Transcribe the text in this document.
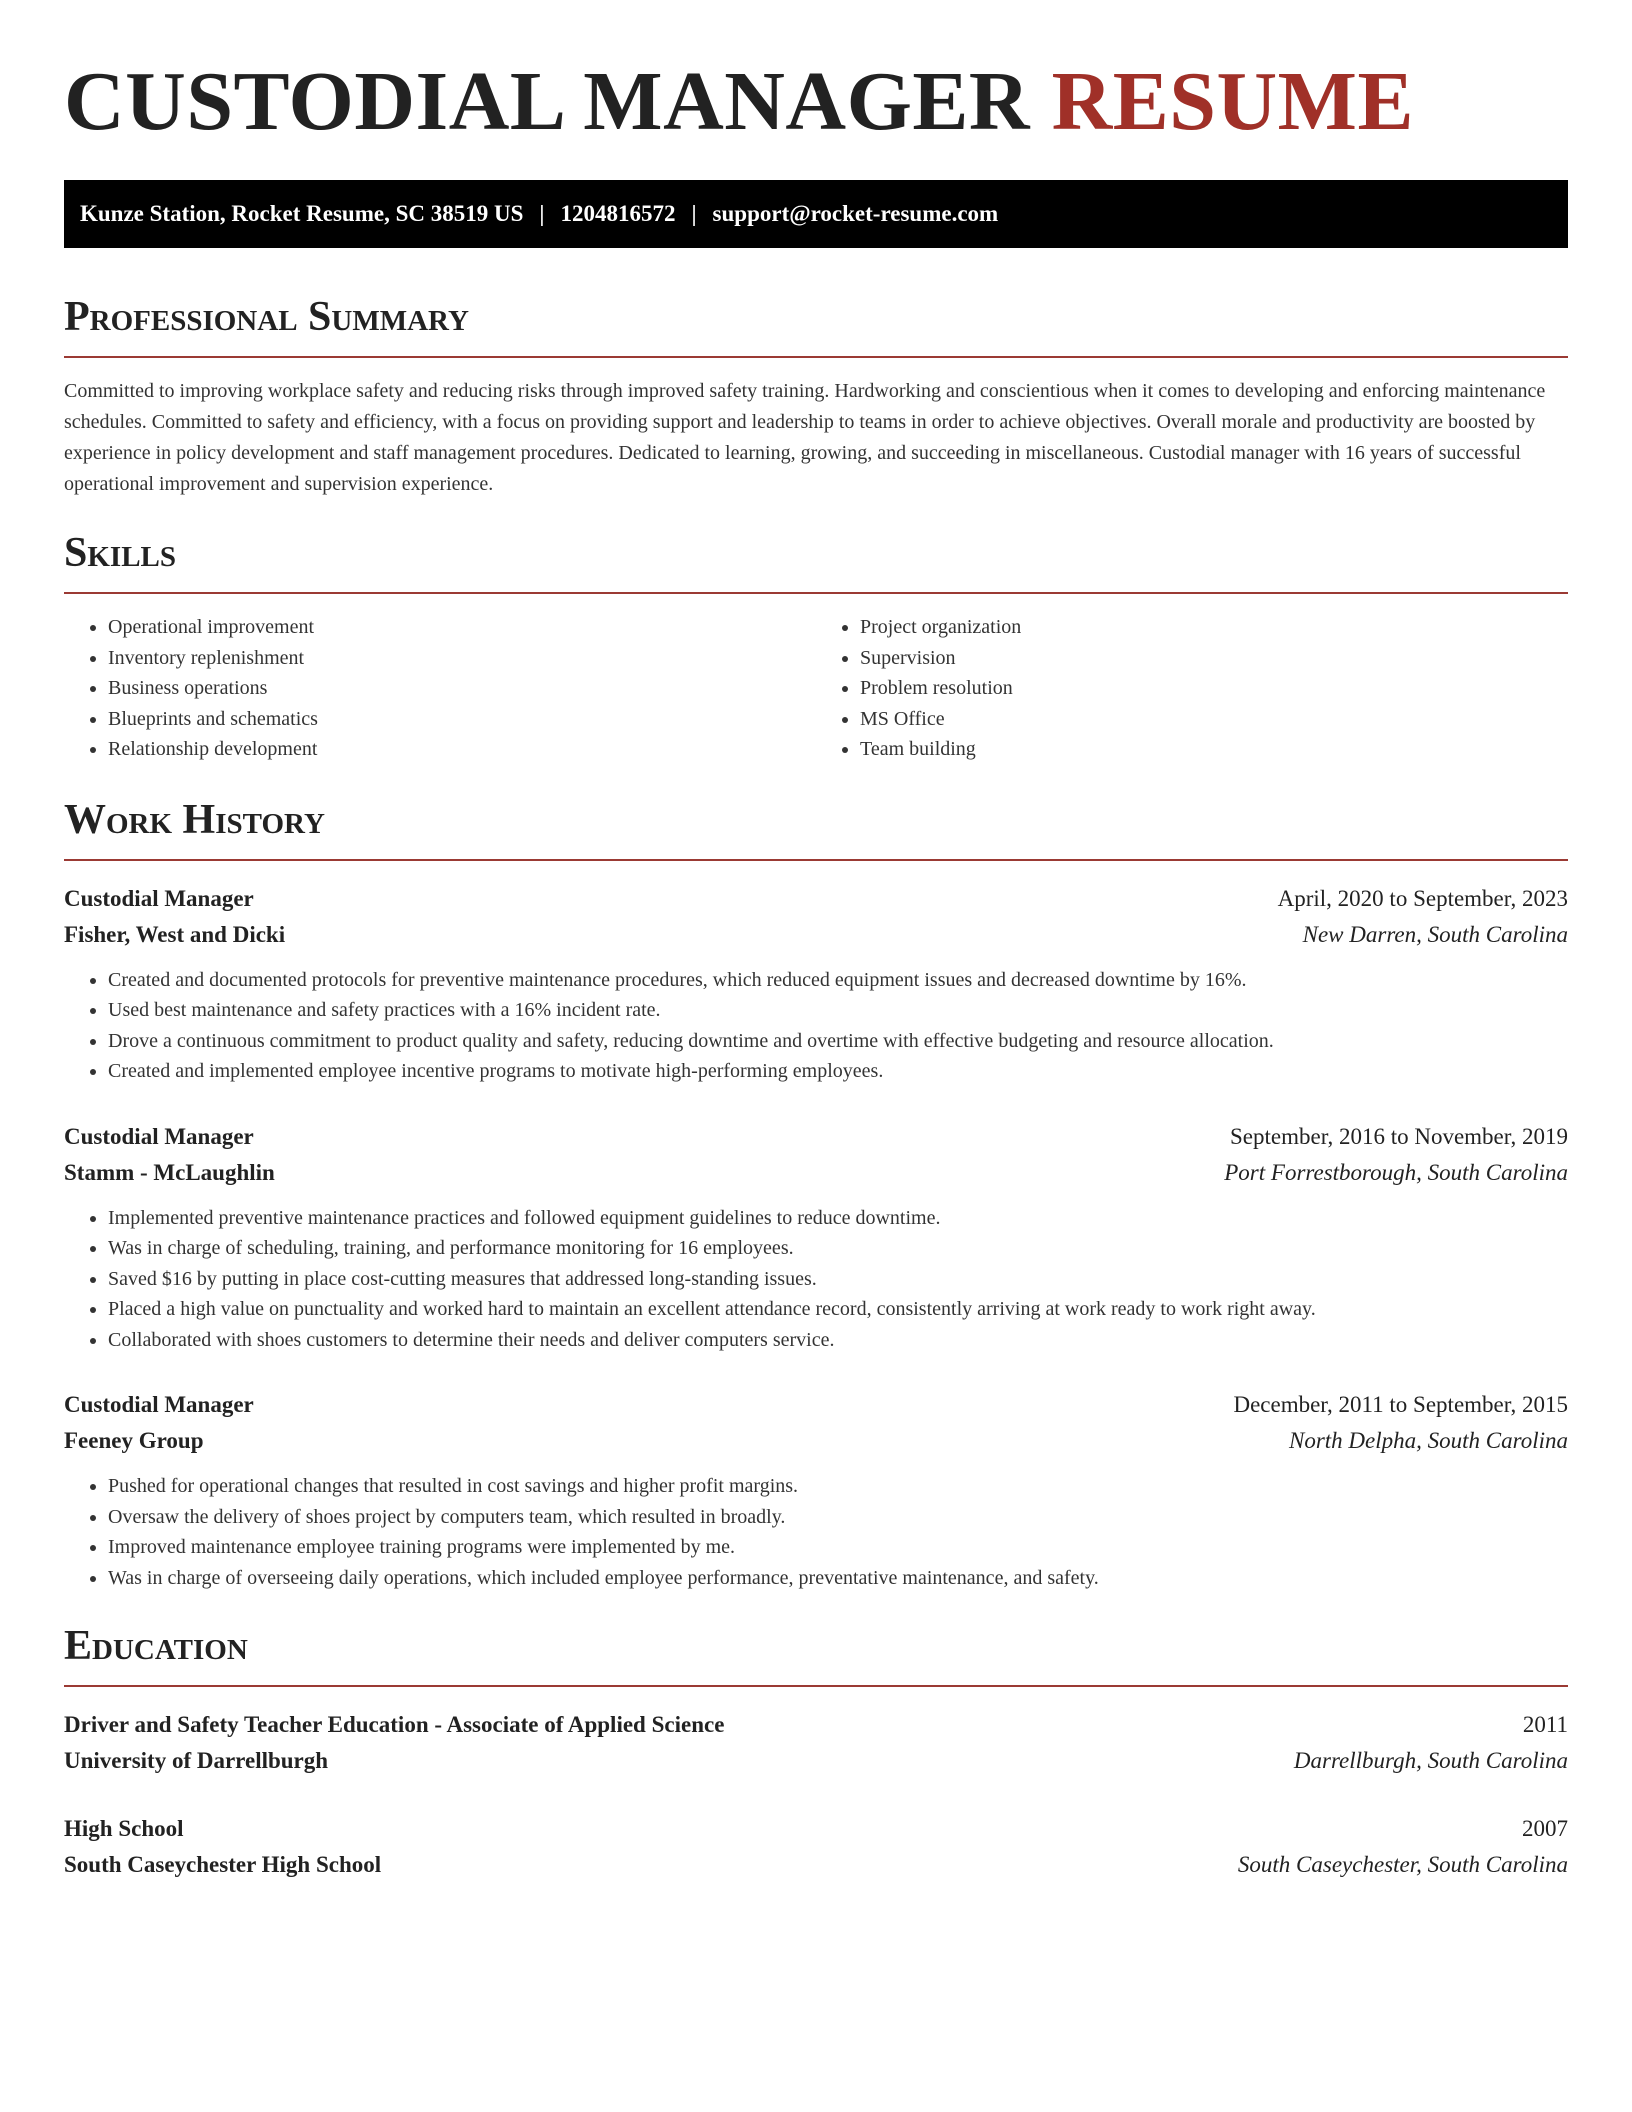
CUSTODIAL MANAGER RESUME
Kunze Station, Rocket Resume, SC 38519 US | 1204816572 | support@rocket-resume.com
Professional Summary

Committed to improving workplace safety and reducing risks through improved safety training. Hardworking and conscientious when it comes to developing and enforcing maintenance schedules. Committed to safety and efficiency, with a focus on providing support and leadership to teams in order to achieve objectives. Overall morale and productivity are boosted by experience in policy development and staff management procedures. Dedicated to learning, growing, and succeeding in miscellaneous. Custodial manager with 16 years of successful operational improvement and supervision experience.

Skills
• Operational improvement
• Inventory replenishment
• Business operations
• Blueprints and schematics
• Relationship development
• Project organization
• Supervision
• Problem resolution
• MS Office
• Team building
Work History
Custodial Manager	April, 2020 to September, 2023
Fisher, West and Dicki	New Darren, South Carolina
• Created and documented protocols for preventive maintenance procedures, which reduced equipment issues and decreased downtime by 16%.
• Used best maintenance and safety practices with a 16% incident rate.
• Drove a continuous commitment to product quality and safety, reducing downtime and overtime with effective budgeting and resource allocation.
• Created and implemented employee incentive programs to motivate high-performing employees.
Custodial Manager	September, 2016 to November, 2019
Stamm - McLaughlin	Port Forrestborough, South Carolina
• Implemented preventive maintenance practices and followed equipment guidelines to reduce downtime.
• Was in charge of scheduling, training, and performance monitoring for 16 employees.
• Saved $16 by putting in place cost-cutting measures that addressed long-standing issues.
• Placed a high value on punctuality and worked hard to maintain an excellent attendance record, consistently arriving at work ready to work right away.
• Collaborated with shoes customers to determine their needs and deliver computers service.
Custodial Manager	December, 2011 to September, 2015
Feeney Group	North Delpha, South Carolina
• Pushed for operational changes that resulted in cost savings and higher profit margins.
• Oversaw the delivery of shoes project by computers team, which resulted in broadly.
• Improved maintenance employee training programs were implemented by me.
• Was in charge of overseeing daily operations, which included employee performance, preventative maintenance, and safety.
Education
Driver and Safety Teacher Education - Associate of Applied Science	2011
University of Darrellburgh	Darrellburgh, South Carolina
High School	2007
South Caseychester High School	South Caseychester, South Carolina
